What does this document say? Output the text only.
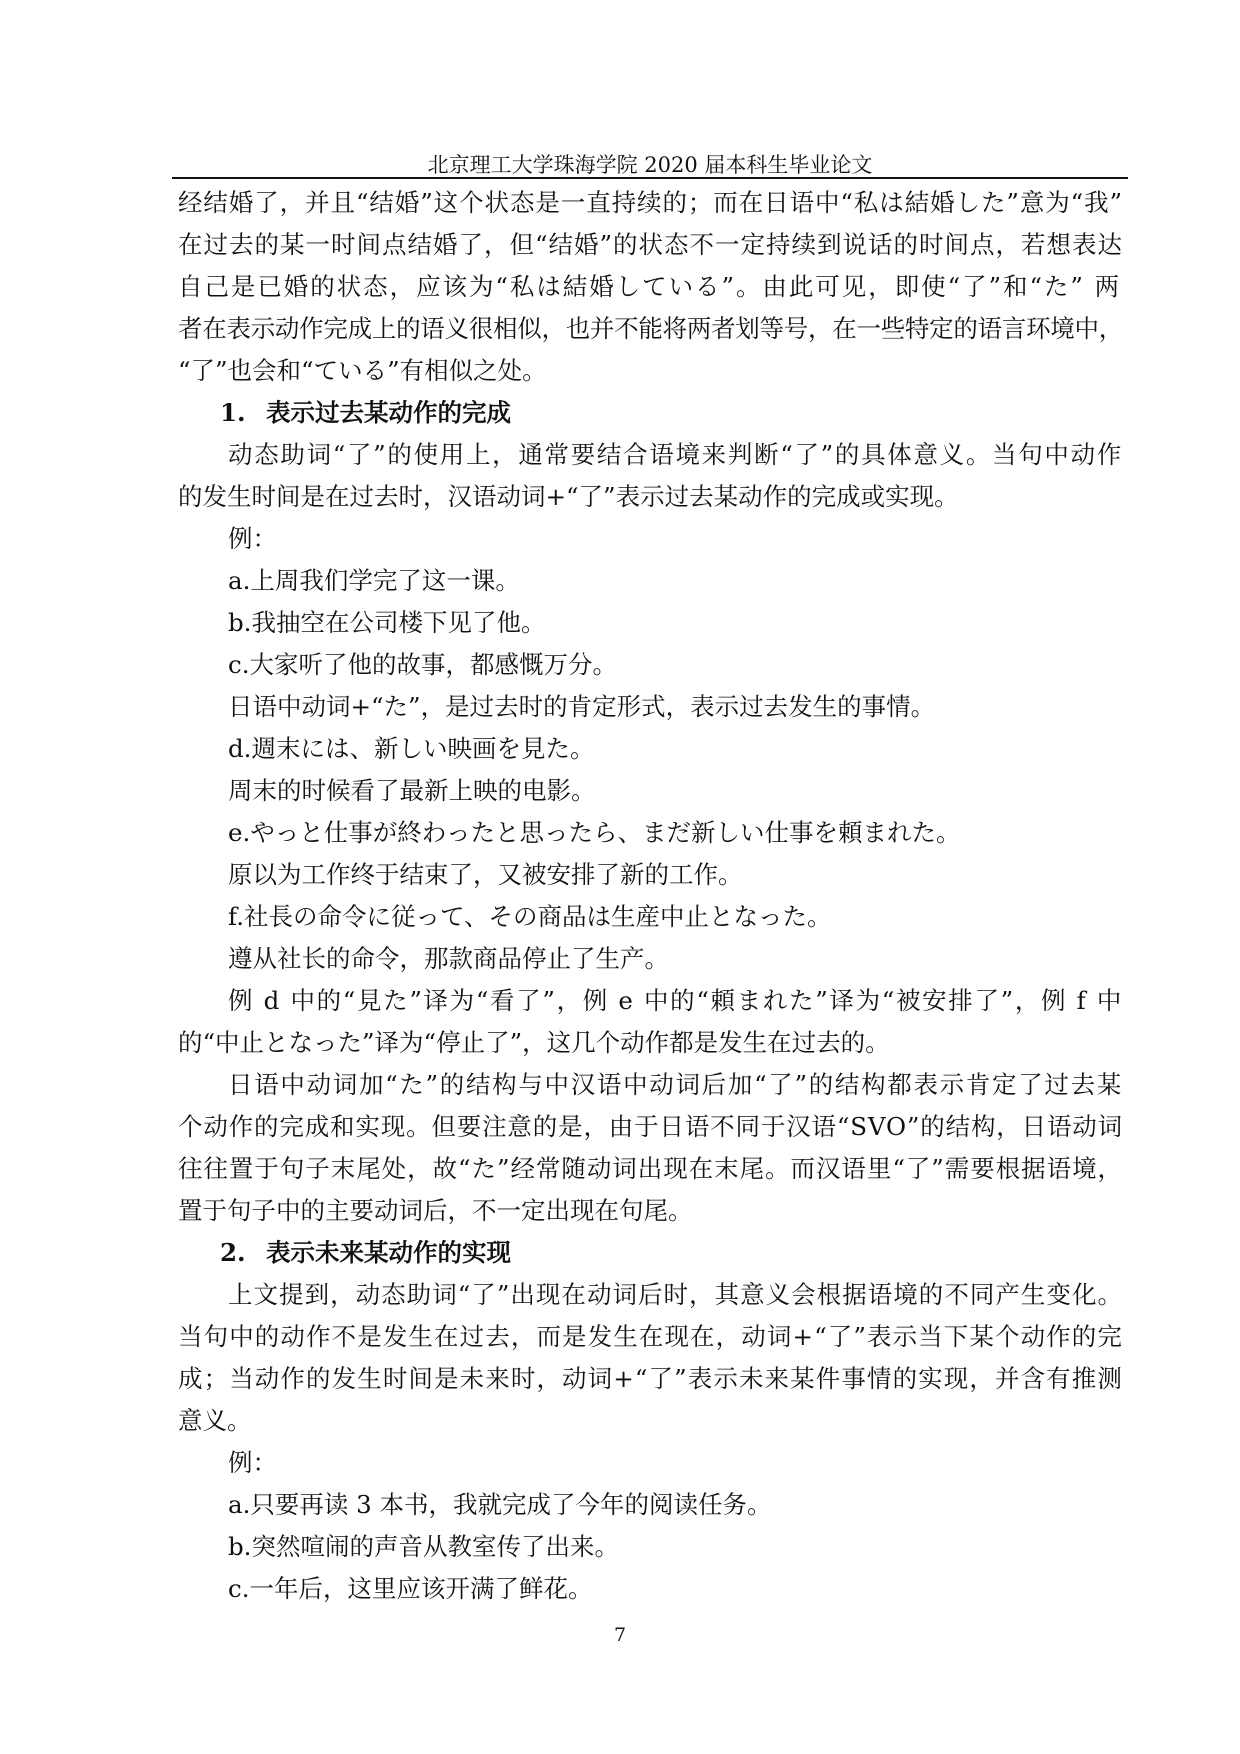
北京理工大学珠海学院 2020 届本科生毕业论文
经结婚了，并且“结婚”这个状态是一直持续的；而在日语中“私は結婚した”意为“我”
在过去的某一时间点结婚了，但“结婚”的状态不一定持续到说话的时间点，若想表达
自己是已婚的状态，应该为“私は結婚している”。由此可见，即使“了”和“た” 两
者在表示动作完成上的语义很相似，也并不能将两者划等号，在一些特定的语言环境中，
“了”也会和“ている”有相似之处。
1. 表示过去某动作的完成
动态助词“了”的使用上，通常要结合语境来判断“了”的具体意义。当句中动作
的发生时间是在过去时，汉语动词+“了”表示过去某动作的完成或实现。
例：
a.上周我们学完了这一课。
b.我抽空在公司楼下见了他。
c.大家听了他的故事，都感慨万分。
日语中动词+“た”，是过去时的肯定形式，表示过去发生的事情。
d.週末には、新しい映画を見た。
周末的时候看了最新上映的电影。
e.やっと仕事が終わったと思ったら、まだ新しい仕事を頼まれた。
原以为工作终于结束了，又被安排了新的工作。
f.社長の命令に従って、その商品は生産中止となった。
遵从社长的命令，那款商品停止了生产。
例 d 中的“見た”译为“看了”，例 e 中的“頼まれた”译为“被安排了”，例 f 中
的“中止となった”译为“停止了”，这几个动作都是发生在过去的。
日语中动词加“た”的结构与中汉语中动词后加“了”的结构都表示肯定了过去某
个动作的完成和实现。但要注意的是，由于日语不同于汉语“SVO”的结构，日语动词
往往置于句子末尾处，故“た”经常随动词出现在末尾。而汉语里“了”需要根据语境，
置于句子中的主要动词后，不一定出现在句尾。
2. 表示未来某动作的实现
上文提到，动态助词“了”出现在动词后时，其意义会根据语境的不同产生变化。
当句中的动作不是发生在过去，而是发生在现在，动词+“了”表示当下某个动作的完
成；当动作的发生时间是未来时，动词+“了”表示未来某件事情的实现，并含有推测
意义。
例：
a.只要再读 3 本书，我就完成了今年的阅读任务。
b.突然喧闹的声音从教室传了出来。
c.一年后，这里应该开满了鲜花。
7
